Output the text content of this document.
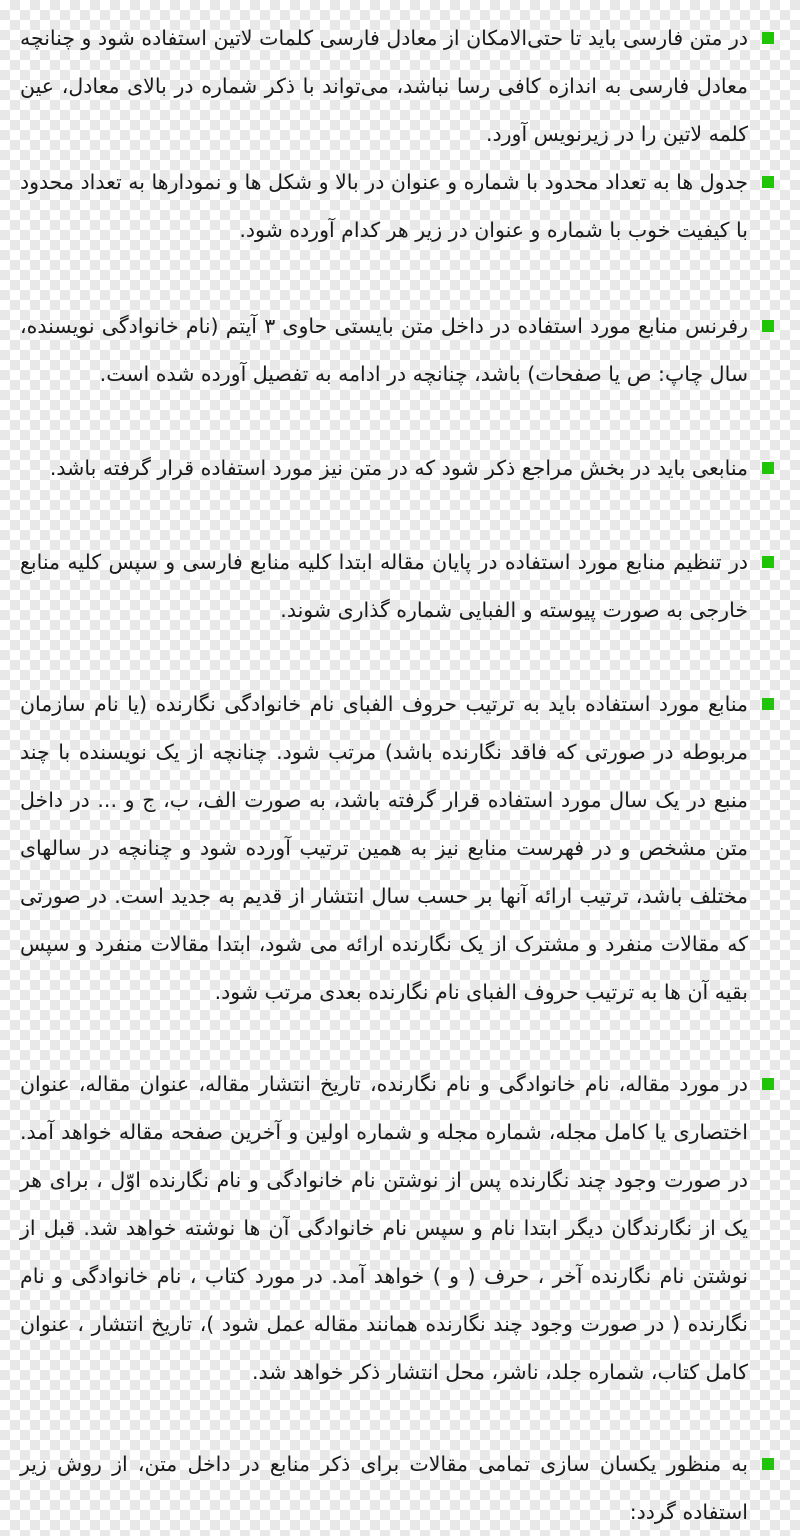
در متن فارسی باید تا حتی‌الامکان از معادل فارسی کلمات لاتین استفاده شود و چنانچه معادل فارسی به اندازه کافی رسا نباشد، می‌تواند با ذکر شماره در بالای معادل، عین کلمه لاتین را در زیرنویس آورد.

جدول ها به تعداد محدود با شماره و عنوان در بالا و شکل ها و نمودارها به تعداد محدود با کیفیت خوب با شماره و عنوان در زیر هر کدام آورده شود.

رفرنس منابع مورد استفاده در داخل متن بایستی حاوی ۳ آیتم (نام خانوادگی نویسنده، سال چاپ: ص یا صفحات) باشد، چنانچه در ادامه به تفصیل آورده شده است.

منابعی باید در بخش مراجع ذکر شود که در متن نیز مورد استفاده قرار گرفته باشد.

در تنظیم منابع مورد استفاده در پایان مقاله ابتدا کلیه منابع فارسی و سپس کلیه منابع خارجی به صورت پیوسته و الفبایی شماره گذاری شوند.

منابع مورد استفاده باید به ترتیب حروف الفبای نام خانوادگی نگارنده (یا نام سازمان مربوطه در صورتی که فاقد نگارنده باشد) مرتب شود. چنانچه از یک نویسنده با چند منبع در یک سال مورد استفاده قرار گرفته باشد، به صورت الف، ب، ج و ... در داخل متن مشخص و در فهرست منابع نیز به همین ترتیب آورده شود و چنانچه در سالهای مختلف باشد، ترتیب ارائه آنها بر حسب سال انتشار از قدیم به جدید است. در صورتی که مقالات منفرد و مشترک از یک نگارنده ارائه می شود، ابتدا مقالات منفرد و سپس بقیه آن ها به ترتیب حروف الفبای نام نگارنده بعدی مرتب شود.

در مورد مقاله، نام خانوادگی و نام نگارنده، تاریخ انتشار مقاله، عنوان مقاله، عنوان اختصاری یا کامل مجله، شماره مجله و شماره اولین و آخرین صفحه مقاله خواهد آمد. در صورت وجود چند نگارنده پس از نوشتن نام خانوادگی و نام نگارنده اوّل ، برای هر یک از نگارندگان دیگر ابتدا نام و سپس نام خانوادگی آن ها نوشته خواهد شد. قبل از نوشتن نام نگارنده آخر ، حرف ( و ) خواهد آمد. در مورد کتاب ، نام خانوادگی و نام نگارنده ( در صورت وجود چند نگارنده همانند مقاله عمل شود )، تاریخ انتشار ، عنوان کامل کتاب، شماره جلد، ناشر، محل انتشار ذکر خواهد شد.

به منظور یکسان سازی تمامی مقالات برای ذکر منابع در داخل متن، از روش زیر استفاده گردد:
